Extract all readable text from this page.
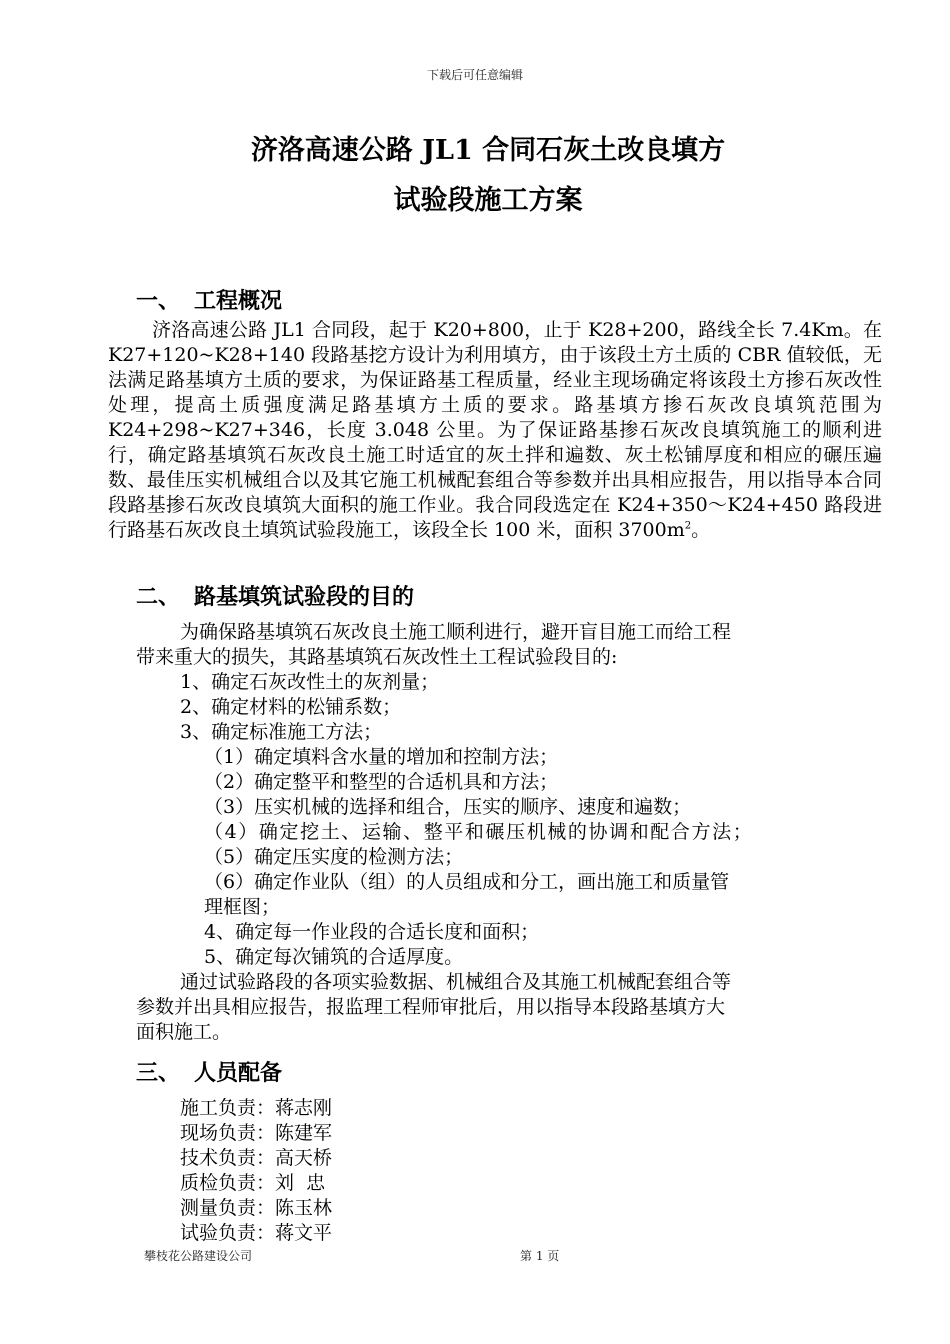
下载后可任意编辑
济洛高速公路 JL1 合同石灰土改良填方
试验段施工方案
一、 工程概况
济洛高速公路 JL1 合同段，起于 K20+800，止于 K28+200，路线全长 7.4Km。在 K27+120~K28+140 段路基挖方设计为利用填方，由于该段土方土质的 CBR 值较低，无法满足路基填方土质的要求，为保证路基工程质量，经业主现场确定将该段土方掺石灰改性处理，提高土质强度满足路基填方土质的要求。路基填方掺石灰改良填筑范围为 K24+298~K27+346，长度 3.048 公里。为了保证路基掺石灰改良填筑施工的顺利进行，确定路基填筑石灰改良土施工时适宜的灰土拌和遍数、灰土松铺厚度和相应的碾压遍数、最佳压实机械组合以及其它施工机械配套组合等参数并出具相应报告，用以指导本合同段路基掺石灰改良填筑大面积的施工作业。我合同段选定在 K24+350～K24+450 路段进行路基石灰改良土填筑试验段施工，该段全长 100 米，面积 $3700m^2$。
二、 路基填筑试验段的目的
为确保路基填筑石灰改良土施工顺利进行，避开盲目施工而给工程
带来重大的损失，其路基填筑石灰改性土工程试验段目的:
1、确定石灰改性土的灰剂量；
2、确定材料的松铺系数；
3、确定标准施工方法；
（1）确定填料含水量的增加和控制方法；
（2）确定整平和整型的合适机具和方法；
（3）压实机械的选择和组合，压实的顺序、速度和遍数；
（4）确定挖土、运输、整平和碾压机械的协调和配合方法；
（5）确定压实度的检测方法；
（6）确定作业队（组）的人员组成和分工，画出施工和质量管
理框图；
4、确定每一作业段的合适长度和面积；
5、确定每次铺筑的合适厚度。
通过试验路段的各项实验数据、机械组合及其施工机械配套组合等
参数并出具相应报告，报监理工程师审批后，用以指导本段路基填方大
面积施工。
三、 人员配备
施工负责：蒋志刚
现场负责：陈建军
技术负责：高天桥
质检负责：刘  忠
测量负责：陈玉林
试验负责：蒋文平
攀枝花公路建设公司	第 1 页
